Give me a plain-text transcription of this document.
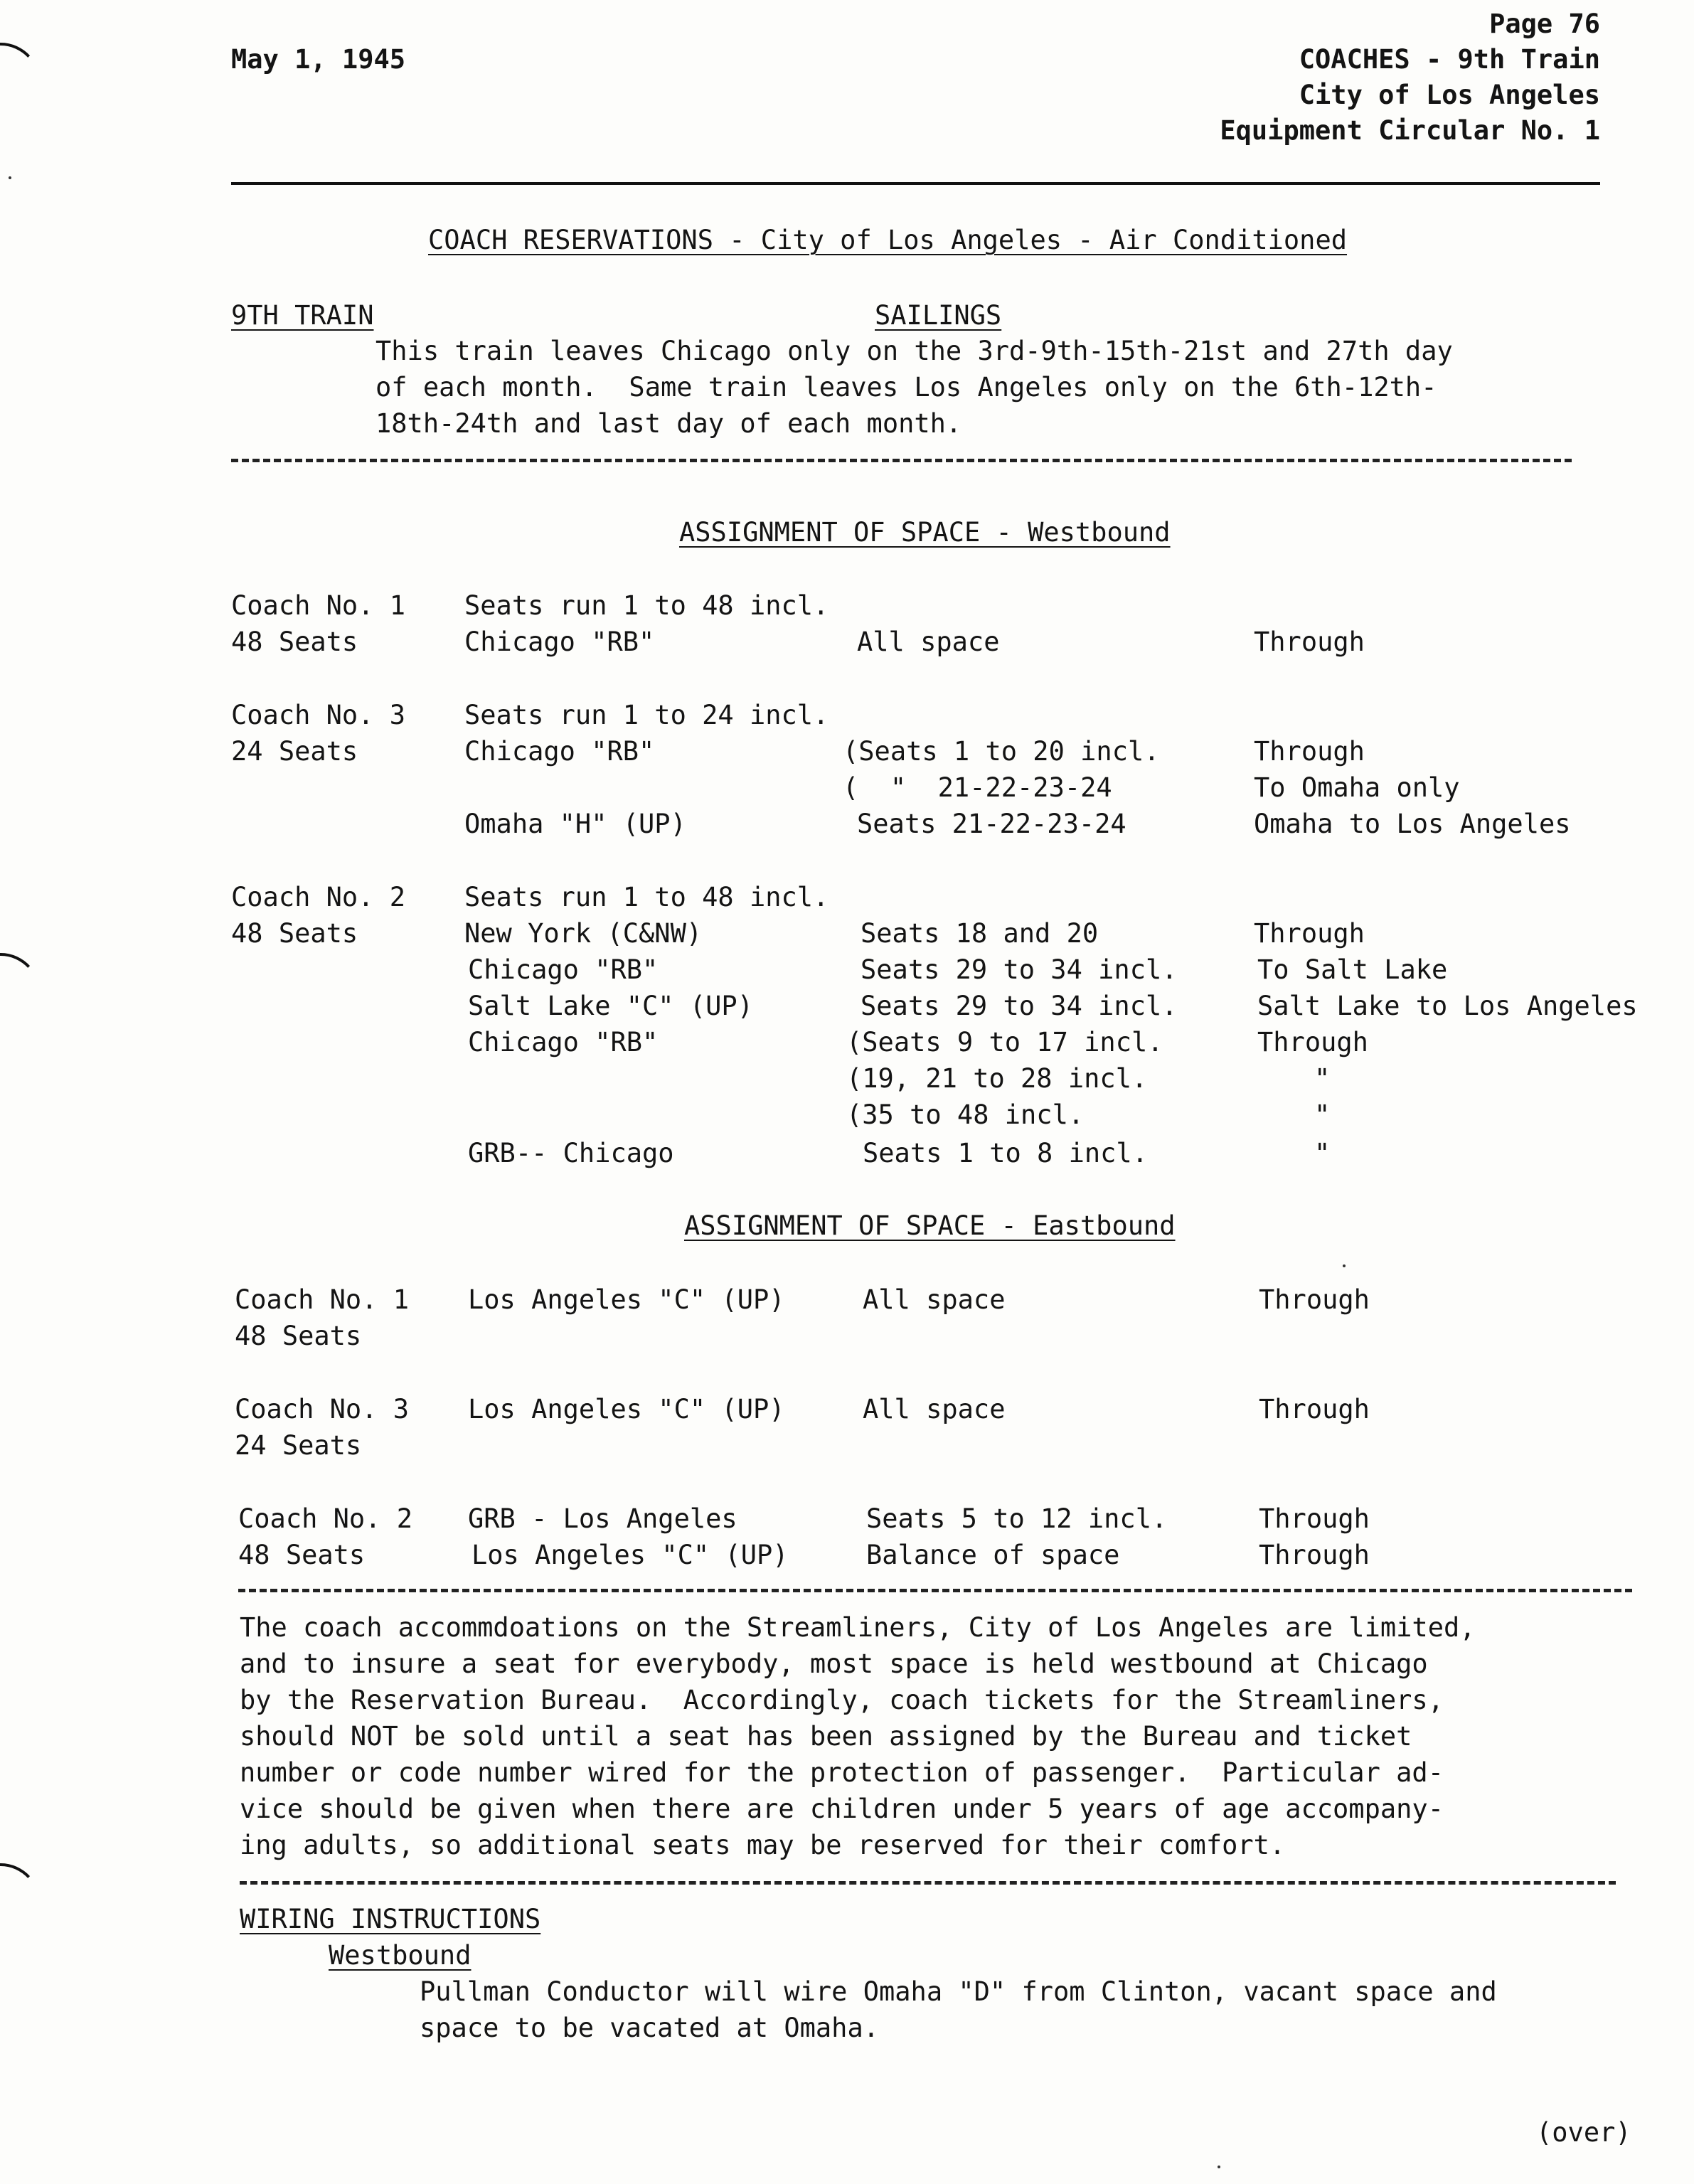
May 1, 1945
Page 76
COACHES - 9th Train
City of Los Angeles
Equipment Circular No. 1
COACH RESERVATIONS - City of Los Angeles - Air Conditioned
9TH TRAIN	SAILINGS
This train leaves Chicago only on the 3rd-9th-15th-21st and 27th day
of each month.  Same train leaves Los Angeles only on the 6th-12th-
18th-24th and last day of each month.
ASSIGNMENT OF SPACE - Westbound
Coach No. 1 Seats run 1 to 48 incl.
48 Seats	Chicago "RB"	All space	Through
Coach No. 3 Seats run 1 to 24 incl.
24 Seats	Chicago "RB"	(Seats 1 to 20 incl.	Through
(  "  21-22-23-24	To Omaha only
Omaha "H" (UP)	Seats 21-22-23-24	Omaha to Los Angeles
Coach No. 2 Seats run 1 to 48 incl.
48 Seats	New York (C&NW)	Seats 18 and 20	Through
Chicago "RB"	Seats 29 to 34 incl.	To Salt Lake
Salt Lake "C" (UP)	Seats 29 to 34 incl.	Salt Lake to Los Angeles
Chicago "RB"	(Seats 9 to 17 incl.	Through
(19, 21 to 28 incl.	"
(35 to 48 incl.	"
GRB-- Chicago	Seats 1 to 8 incl.	"
ASSIGNMENT OF SPACE - Eastbound
Coach No. 1 Los Angeles "C" (UP)	All space	Through
48 Seats
Coach No. 3 Los Angeles "C" (UP)	All space	Through
24 Seats
Coach No. 2 GRB - Los Angeles	Seats 5 to 12 incl.	Through
48 Seats	Los Angeles "C" (UP)	Balance of space	Through
The coach accommdoations on the Streamliners, City of Los Angeles are limited,
and to insure a seat for everybody, most space is held westbound at Chicago
by the Reservation Bureau.  Accordingly, coach tickets for the Streamliners,
should NOT be sold until a seat has been assigned by the Bureau and ticket
number or code number wired for the protection of passenger.  Particular ad-
vice should be given when there are children under 5 years of age accompany-
ing adults, so additional seats may be reserved for their comfort.
WIRING INSTRUCTIONS
Westbound
Pullman Conductor will wire Omaha "D" from Clinton, vacant space and
space to be vacated at Omaha.
(over)
